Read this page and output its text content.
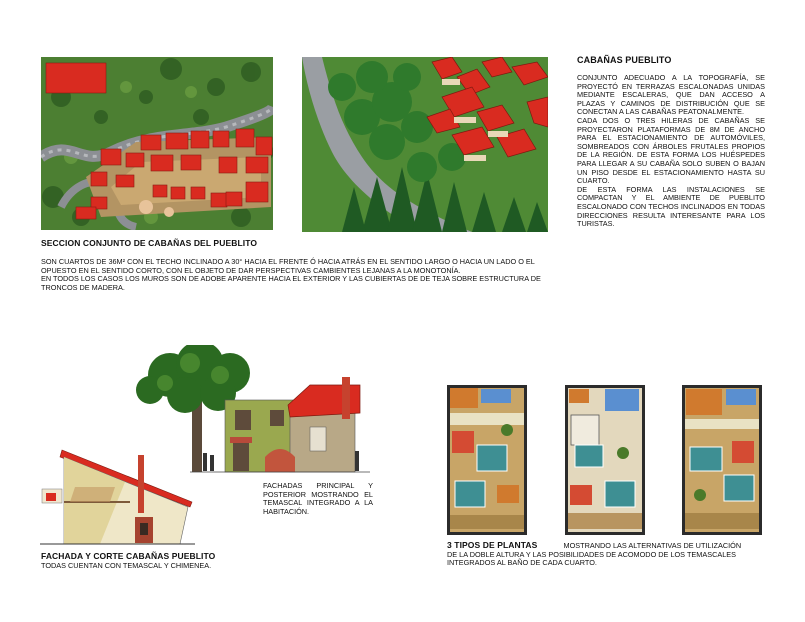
CABAÑAS PUEBLITO

CONJUNTO ADECUADO A LA TOPOGRAFÍA, SE PROYECTÓ EN TERRAZAS ESCALONADAS UNIDAS MEDIANTE ESCALERAS, QUE DAN ACCESO A PLAZAS Y CAMINOS DE DISTRIBUCIÓN QUE SE CONECTAN A LAS CABAÑAS PEATONALMENTE.

CADA DOS O TRES HILERAS DE CABAÑAS SE PROYECTARON PLATAFORMAS DE 8M DE ANCHO PARA EL ESTACIONAMIENTO DE AUTOMÓVILES, SOMBREADOS CON ÁRBOLES FRUTALES PROPIOS DE LA REGIÓN. DE ESTA FORMA LOS HUÉSPEDES PARA LLEGAR A SU CABAÑA SOLO SUBEN O BAJAN UN PISO DESDE EL ESTACIONAMIENTO HASTA SU CUARTO.

DE ESTA FORMA LAS INSTALACIONES SE COMPACTAN Y EL AMBIENTE DE PUEBLITO ESCALONADO CON TECHOS INCLINADOS EN TODAS DIRECCIONES RESULTA INTERESANTE PARA LOS TURISTAS.

SECCION CONJUNTO DE CABAÑAS DEL PUEBLITO

SON CUARTOS DE 36M² CON EL TECHO INCLINADO A 30° HACIA EL FRENTE Ó HACIA ATRÁS EN EL SENTIDO LARGO O HACIA UN LADO O EL OPUESTO EN EL SENTIDO CORTO, CON EL OBJETO DE DAR PERSPECTIVAS CAMBIENTES LEJANAS A LA MONOTONÍA.

EN TODOS LOS CASOS LOS MUROS SON DE ADOBE APARENTE HACIA EL EXTERIOR Y LAS CUBIERTAS DE DE TEJA SOBRE ESTRUCTURA DE TRONCOS DE MADERA.

FACHADAS PRINCIPAL Y POSTERIOR MOSTRANDO EL TEMASCAL INTEGRADO A LA HABITACIÓN.
FACHADA Y CORTE CABAÑAS PUEBLITO
TODAS CUENTAN CON TEMASCAL Y CHIMENEA.
3 TIPOS DE PLANTAS	MOSTRANDO LAS ALTERNATIVAS DE UTILIZACIÓN
DE LA DOBLE ALTURA Y LAS POSIBILIDADES DE ACOMODO DE LOS TEMASCALES INTEGRADOS AL BAÑO DE CADA CUARTO.
